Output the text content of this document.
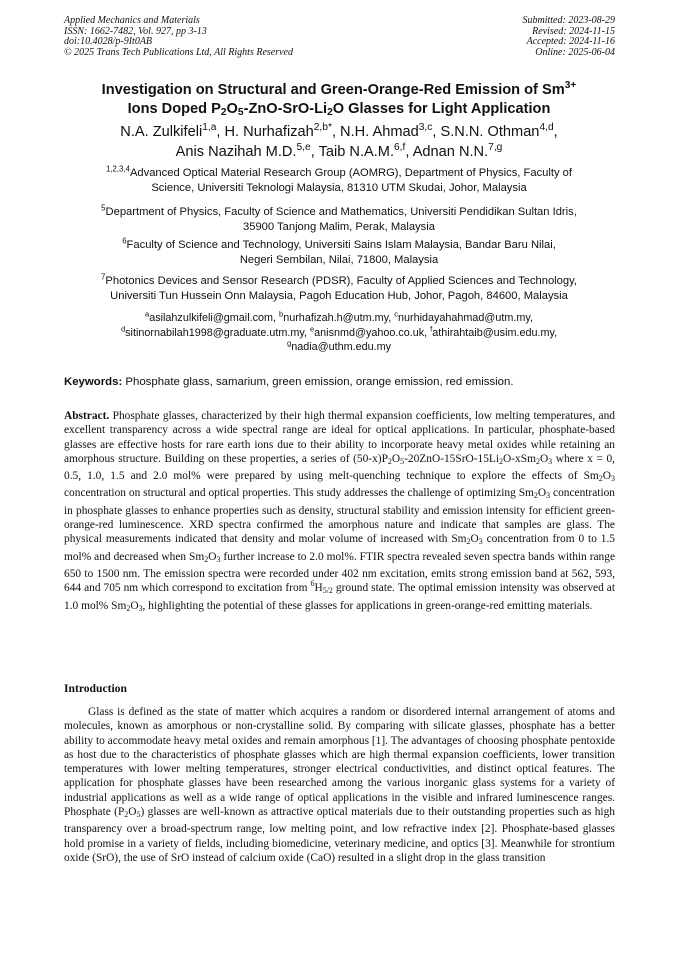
Applied Mechanics and Materials
ISSN: 1662-7482, Vol. 927, pp 3-13
doi:10.4028/p-9It0AB
© 2025 Trans Tech Publications Ltd, All Rights Reserved
Submitted: 2023-08-29
Revised: 2024-11-15
Accepted: 2024-11-16
Online: 2025-06-04
Investigation on Structural and Green-Orange-Red Emission of $Sm^{3+}$
Ions Doped P2O5-ZnO-SrO-Li2O Glasses for Light Application
N.A. Zulkifeli$^{1,a}$, H. Nurhafizah$^{2,b*}$, N.H. Ahmad$^{3,c}$, S.N.N. Othman$^{4,d}$,
Anis Nazihah M.D.$^{5,e}$, Taib N.A.M.$^{6,f}$, Adnan N.N.$^{7,g}$
$^{1,2,3,4}$Advanced Optical Material Research Group (AOMRG), Department of Physics, Faculty of
Science, Universiti Teknologi Malaysia, 81310 UTM Skudai, Johor, Malaysia
$^5$Department of Physics, Faculty of Science and Mathematics, Universiti Pendidikan Sultan Idris,
35900 Tanjong Malim, Perak, Malaysia
$^6$Faculty of Science and Technology, Universiti Sains Islam Malaysia, Bandar Baru Nilai,
Negeri Sembilan, Nilai, 71800, Malaysia
$^7$Photonics Devices and Sensor Research (PDSR), Faculty of Applied Sciences and Technology,
Universiti Tun Hussein Onn Malaysia, Pagoh Education Hub, Johor, Pagoh, 84600, Malaysia
$^a$asilahzulkifeli@gmail.com, $^b$nurhafizah.h@utm.my, $^c$nurhidayahahmad@utm.my,
$^d$sitinornabilah1998@graduate.utm.my, $^e$anisnmd@yahoo.co.uk, $^f$athirahtaib@usim.edu.my,
$^g$nadia@uthm.edu.my
Keywords: Phosphate glass, samarium, green emission, orange emission, red emission.
Abstract. Phosphate glasses, characterized by their high thermal expansion coefficients, low melting temperatures, and excellent transparency across a wide spectral range are ideal for optical applications. In particular, phosphate-based glasses are effective hosts for rare earth ions due to their ability to incorporate heavy metal oxides while retaining an amorphous structure. Building on these properties, a series of $(50-x)P_2O_5-20ZnO-15SrO-15Li_2O-xSm_2O_3$ where x = 0, 0.5, 1.0, 1.5 and 2.0 mol% were prepared by using melt-quenching technique to explore the effects of $Sm_2O_3$ concentration on structural and optical properties. This study addresses the challenge of optimizing $Sm_2O_3$ concentration in phosphate glasses to enhance properties such as density, structural stability and emission intensity for efficient green-orange-red luminescence. XRD spectra confirmed the amorphous nature and indicate that samples are glass. The physical measurements indicated that density and molar volume of increased with $Sm_2O_3$ concentration from 0 to 1.5 mol% and decreased when $Sm_2O_3$ further increase to 2.0 mol%. FTIR spectra revealed seven spectra bands within range 650 to 1500 nm. The emission spectra were recorded under 402 nm excitation, emits strong emission band at 562, 593, 644 and 705 nm which correspond to excitation from $^6H_{5/2}$ ground state. The optimal emission intensity was observed at 1.0 mol% $Sm_2O_3$, highlighting the potential of these glasses for applications in green-orange-red emitting materials.
Introduction
Glass is defined as the state of matter which acquires a random or disordered internal arrangement of atoms and molecules, known as amorphous or non-crystalline solid. By comparing with silicate glasses, phosphate has a better ability to accommodate heavy metal oxides and remain amorphous [1]. The advantages of choosing phosphate pentoxide as host due to the characteristics of phosphate glasses which are high thermal expansion coefficients, lower transition temperatures with lower melting temperatures, stronger electrical conductivities, and distinct optical features. The application for phosphate glasses have been researched among the various inorganic glass systems for a variety of industrial applications as well as a wide range of optical applications in the visible and infrared luminescence ranges. Phosphate $(P_2O_5)$ glasses are well-known as attractive optical materials due to their outstanding properties such as high transparency over a broad-spectrum range, low melting point, and low refractive index [2]. Phosphate-based glasses hold promise in a variety of fields, including biomedicine, veterinary medicine, and optics [3]. Meanwhile for strontium oxide (SrO), the use of SrO instead of calcium oxide (CaO) resulted in a slight drop in the glass transition
